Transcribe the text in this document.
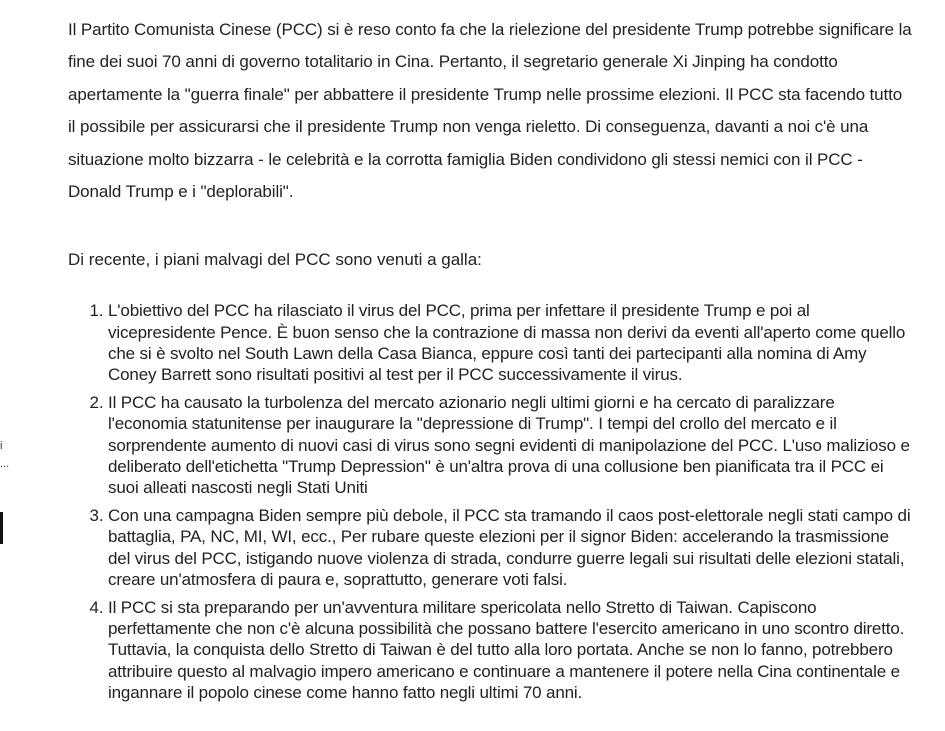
i
...

Il Partito Comunista Cinese (PCC) si è reso conto fa che la rielezione del presidente Trump potrebbe significare la fine dei suoi 70 anni di governo totalitario in Cina. Pertanto, il segretario generale Xi Jinping ha condotto apertamente la "guerra finale" per abbattere il presidente Trump nelle prossime elezioni. Il PCC sta facendo tutto il possibile per assicurarsi che il presidente Trump non venga rieletto. Di conseguenza, davanti a noi c'è una situazione molto bizzarra - le celebrità e la corrotta famiglia Biden condividono gli stessi nemici con il PCC - Donald Trump e i "deplorabili".

Di recente, i piani malvagi del PCC sono venuti a galla:

1. L'obiettivo del PCC ha rilasciato il virus del PCC, prima per infettare il presidente Trump e poi al vicepresidente Pence. È buon senso che la contrazione di massa non derivi da eventi all'aperto come quello che si è svolto nel South Lawn della Casa Bianca, eppure così tanti dei partecipanti alla nomina di Amy Coney Barrett sono risultati positivi al test per il PCC successivamente il virus.
2. Il PCC ha causato la turbolenza del mercato azionario negli ultimi giorni e ha cercato di paralizzare l'economia statunitense per inaugurare la "depressione di Trump". I tempi del crollo del mercato e il sorprendente aumento di nuovi casi di virus sono segni evidenti di manipolazione del PCC. L'uso malizioso e deliberato dell'etichetta "Trump Depression" è un'altra prova di una collusione ben pianificata tra il PCC ei suoi alleati nascosti negli Stati Uniti
3. Con una campagna Biden sempre più debole, il PCC sta tramando il caos post-elettorale negli stati campo di battaglia, PA, NC, MI, WI, ecc., Per rubare queste elezioni per il signor Biden: accelerando la trasmissione del virus del PCC, istigando nuove violenza di strada, condurre guerre legali sui risultati delle elezioni statali, creare un'atmosfera di paura e, soprattutto, generare voti falsi.
4. Il PCC si sta preparando per un'avventura militare spericolata nello Stretto di Taiwan. Capiscono perfettamente che non c'è alcuna possibilità che possano battere l'esercito americano in uno scontro diretto. Tuttavia, la conquista dello Stretto di Taiwan è del tutto alla loro portata. Anche se non lo fanno, potrebbero attribuire questo al malvagio impero americano e continuare a mantenere il potere nella Cina continentale e ingannare il popolo cinese come hanno fatto negli ultimi 70 anni.
